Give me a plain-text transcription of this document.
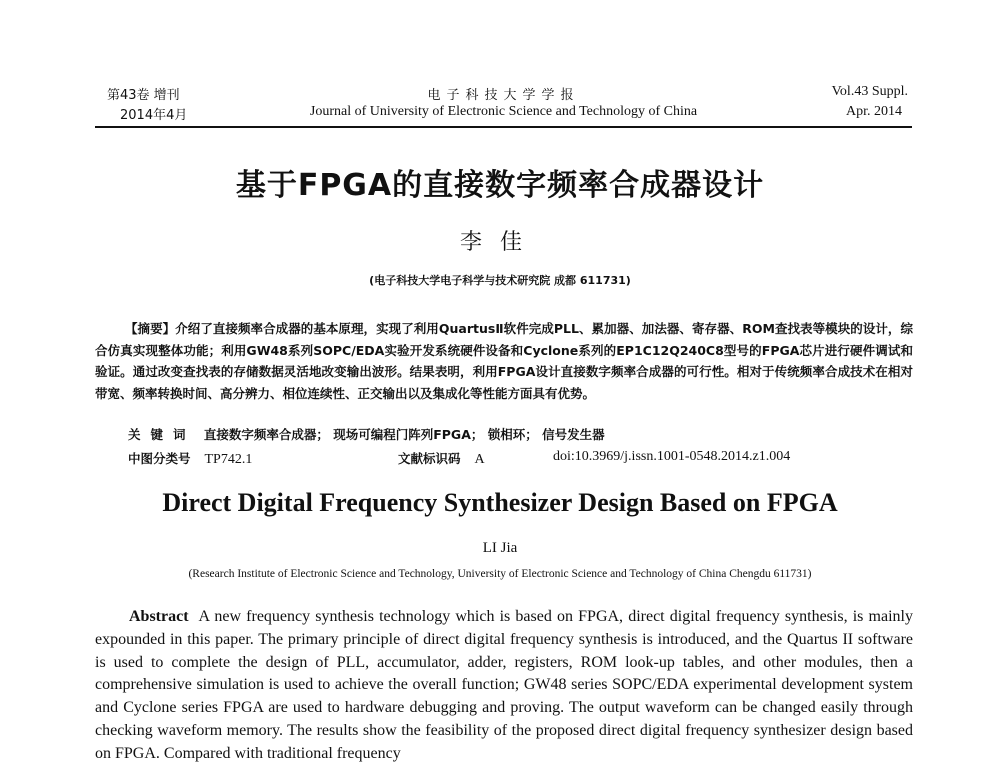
第43卷 增刊
2014年4月
电子科技大学学报
Journal of University of Electronic Science and Technology of China
Vol.43 Suppl.
Apr. 2014
基于FPGA的直接数字频率合成器设计
李佳
(电子科技大学电子科学与技术研究院 成都 611731)
【摘要】介绍了直接频率合成器的基本原理，实现了利用QuartusⅡ软件完成PLL、累加器、加法器、寄存器、ROM查找表等模块的设计，综合仿真实现整体功能；利用GW48系列SOPC/EDA实验开发系统硬件设备和Cyclone系列的EP1C12Q240C8型号的FPGA芯片进行硬件调试和验证。通过改变查找表的存储数据灵活地改变输出波形。结果表明，利用FPGA设计直接数字频率合成器的可行性。相对于传统频率合成技术在相对带宽、频率转换时间、高分辨力、相位连续性、正交输出以及集成化等性能方面具有优势。
关键词 直接数字频率合成器； 现场可编程门阵列FPGA； 锁相环； 信号发生器
中图分类号 TP742.1	文献标识码 A	doi:10.3969/j.issn.1001-0548.2014.z1.004
Direct Digital Frequency Synthesizer Design Based on FPGA
LI Jia
(Research Institute of Electronic Science and Technology, University of Electronic Science and Technology of China Chengdu 611731)
Abstract A new frequency synthesis technology which is based on FPGA, direct digital frequency synthesis, is mainly expounded in this paper. The primary principle of direct digital frequency synthesis is introduced, and the Quartus II software is used to complete the design of PLL, accumulator, adder, registers, ROM look-up tables, and other modules, then a comprehensive simulation is used to achieve the overall function; GW48 series SOPC/EDA experimental development system and Cyclone series FPGA are used to hardware debugging and proving. The output waveform can be changed easily through checking waveform memory. The results show the feasibility of the proposed direct digital frequency synthesizer design based on FPGA. Compared with traditional frequency
